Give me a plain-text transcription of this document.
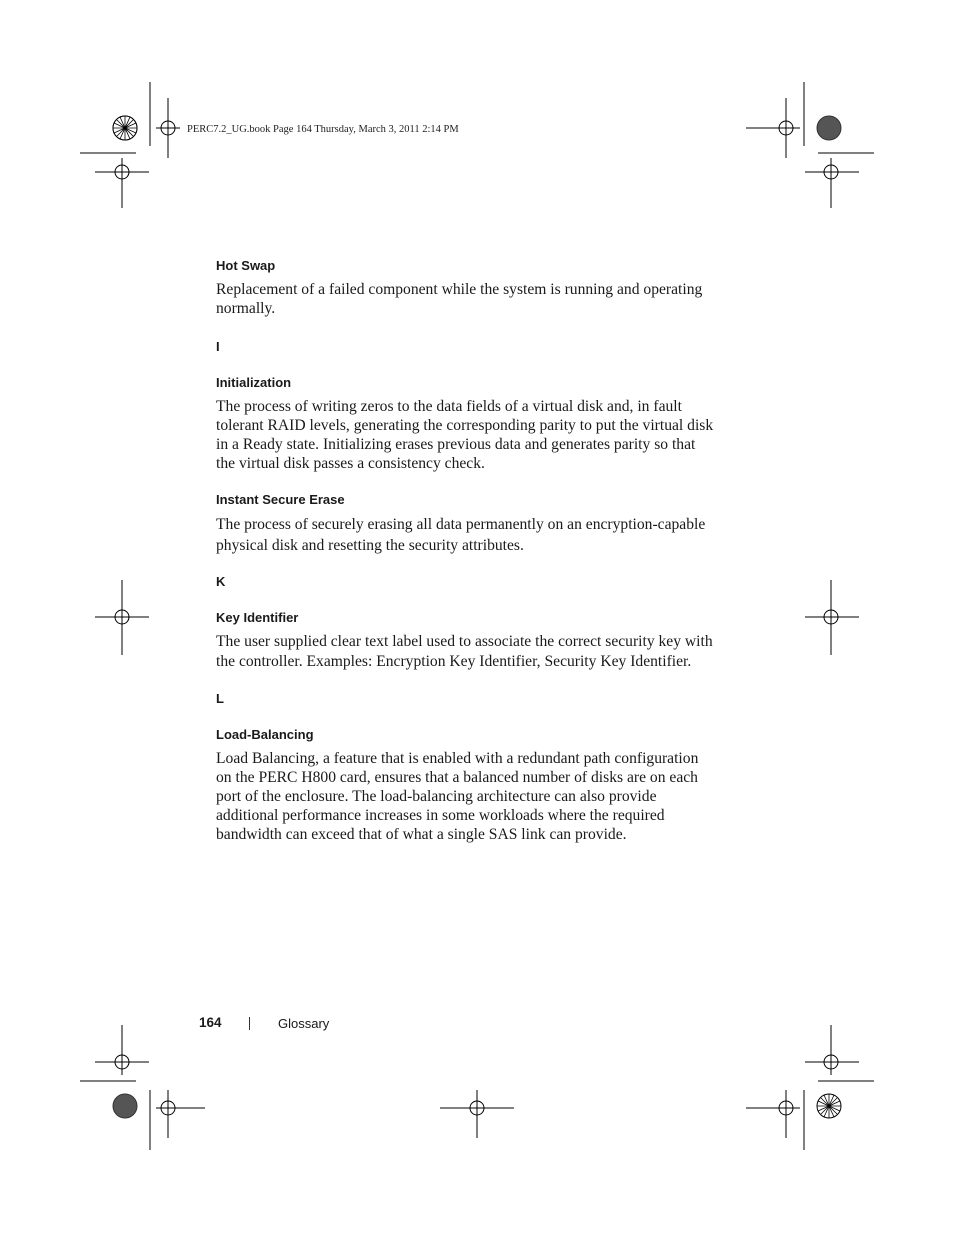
PERC7.2_UG.book Page 164 Thursday, March 3, 2011 2:14 PM
Hot Swap
Replacement of a failed component while the system is running and operating normally.
I
Initialization
The process of writing zeros to the data fields of a virtual disk and, in fault tolerant RAID levels, generating the corresponding parity to put the virtual disk in a Ready state. Initializing erases previous data and generates parity so that the virtual disk passes a consistency check.
Instant Secure Erase
The process of securely erasing all data permanently on an encryption-capable physical disk and resetting the security attributes.
K
Key Identifier
The user supplied clear text label used to associate the correct security key with the controller. Examples: Encryption Key Identifier, Security Key Identifier.
L
Load-Balancing
Load Balancing, a feature that is enabled with a redundant path configuration on the PERC H800 card, ensures that a balanced number of disks are on each port of the enclosure. The load-balancing architecture can also provide additional performance increases in some workloads where the required bandwidth can exceed that of what a single SAS link can provide.
164	Glossary
